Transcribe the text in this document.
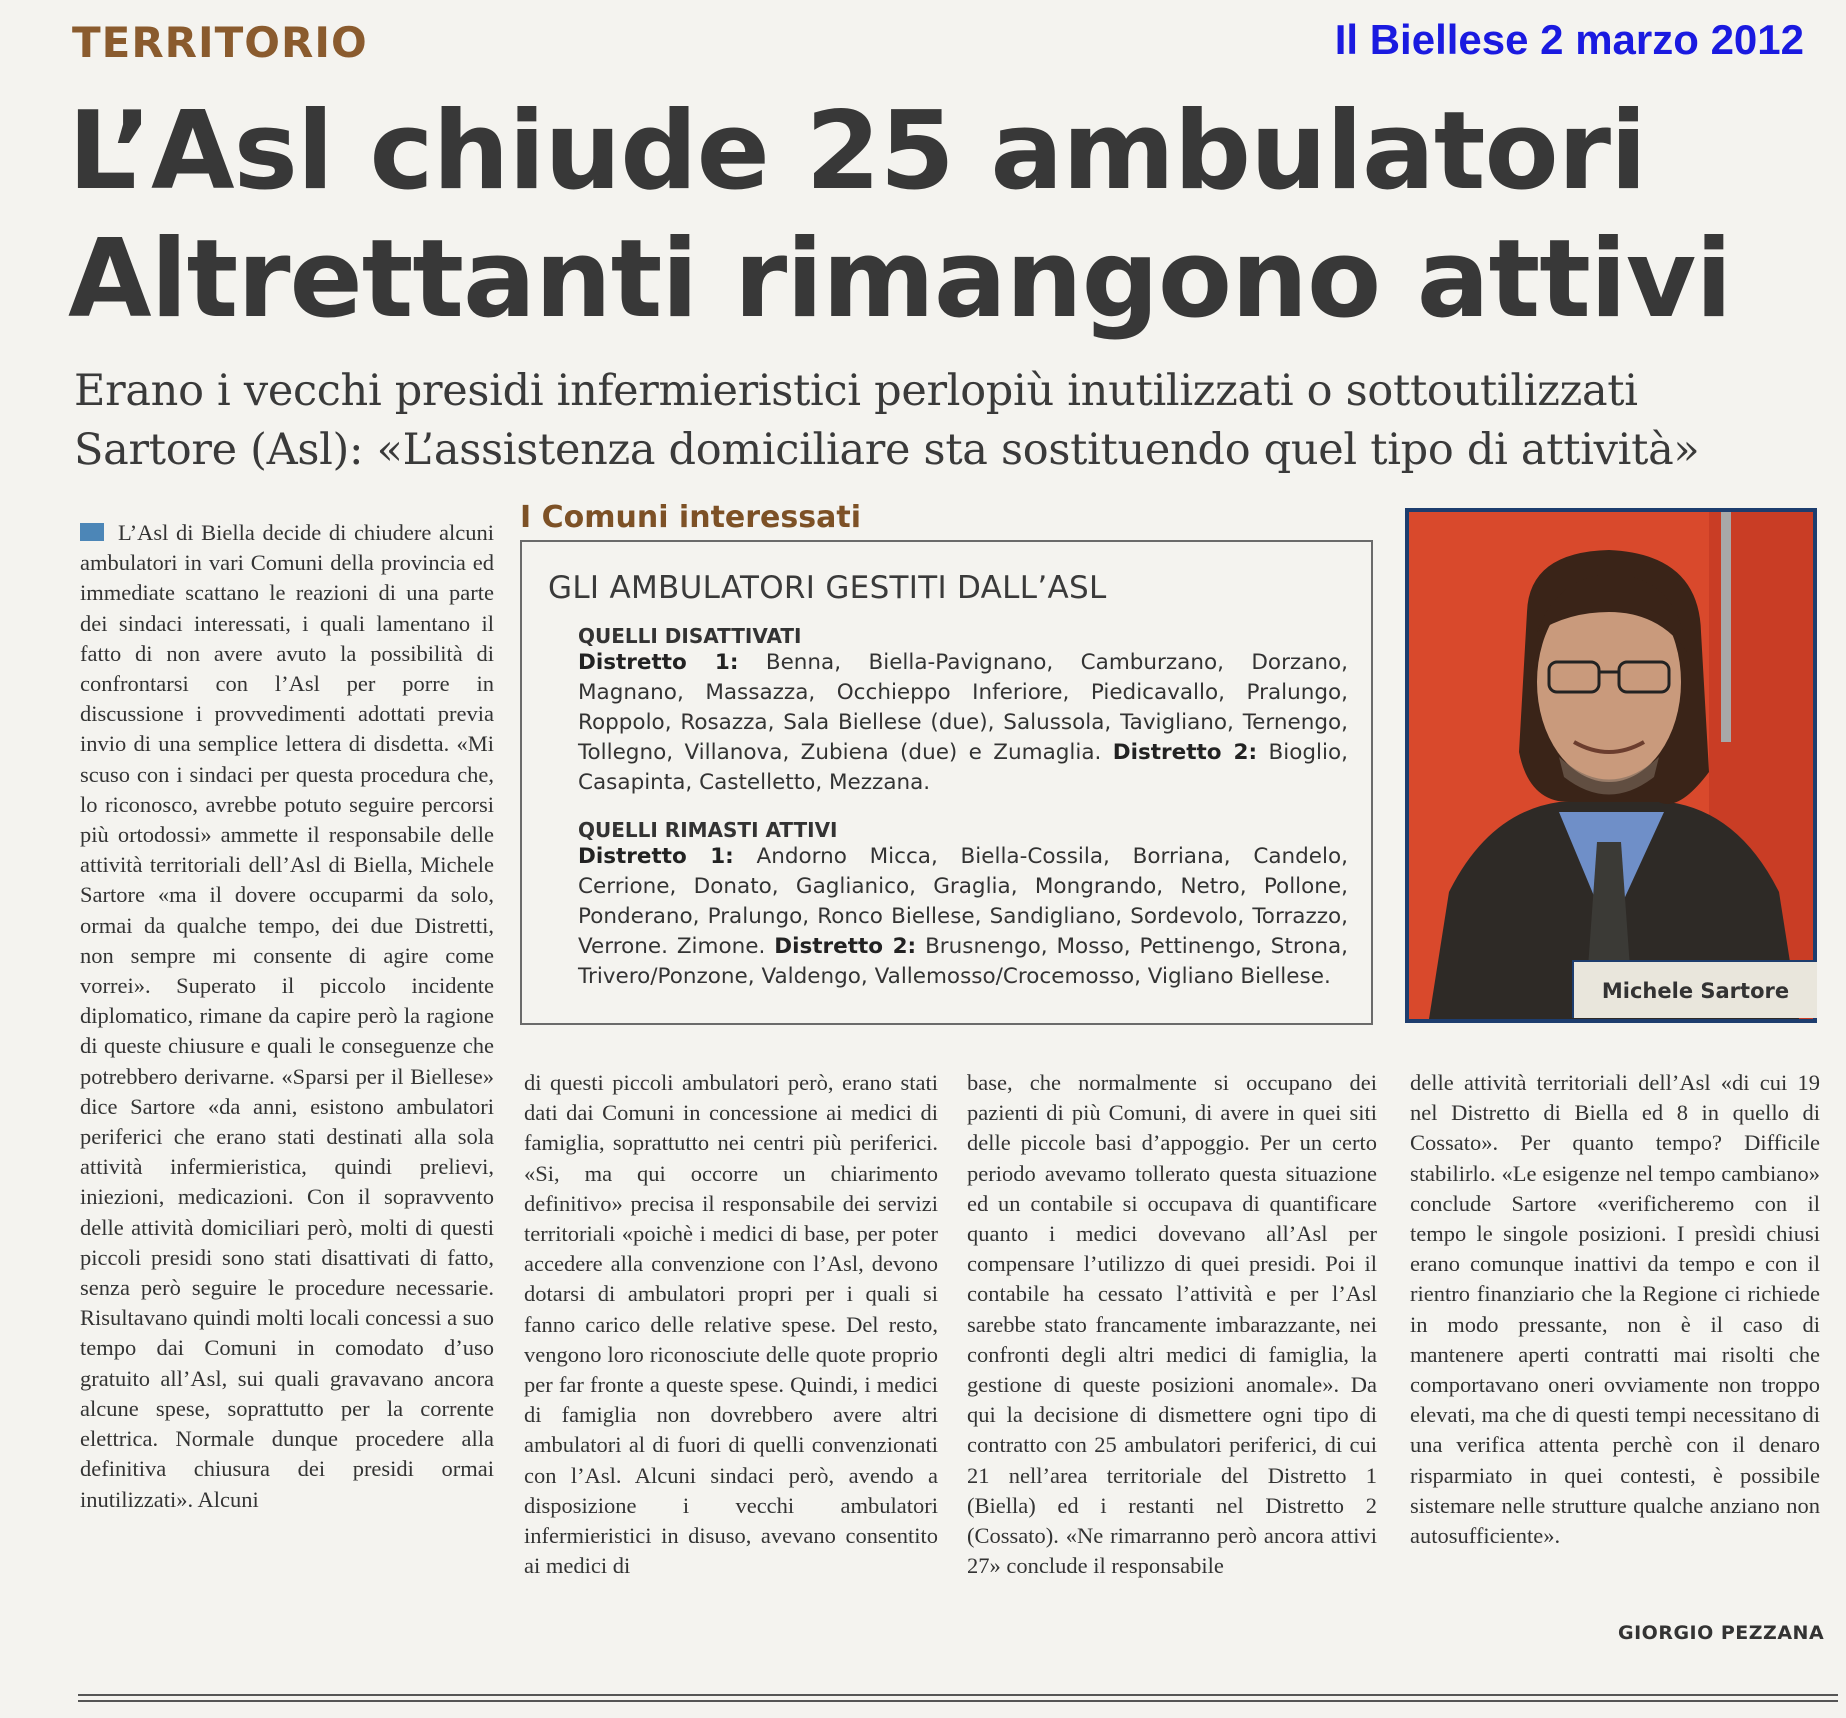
TERRITORIO	Il Biellese 2 marzo 2012
L’Asl chiude 25 ambulatori
Altrettanti rimangono attivi
Erano i vecchi presidi infermieristici perlopiù inutilizzati o sottoutilizzati
Sartore (Asl): «L’assistenza domiciliare sta sostituendo quel tipo di attività»
L’Asl di Biella decide di chiudere alcuni ambulatori in vari Comuni della provincia ed immediate scattano le reazioni di una parte dei sindaci interessati, i quali lamentano il fatto di non avere avuto la possibilità di confrontarsi con l’Asl per porre in discussione i provvedimenti adottati previa invio di una semplice lettera di disdetta. «Mi scuso con i sindaci per questa procedura che, lo riconosco, avrebbe potuto seguire percorsi più ortodossi» ammette il responsabile delle attività territoriali dell’Asl di Biella, Michele Sartore «ma il dovere occuparmi da solo, ormai da qualche tempo, dei due Distretti, non sempre mi consente di agire come vorrei». Superato il piccolo incidente diplomatico, rimane da capire però la ragione di queste chiusure e quali le conseguenze che potrebbero derivarne. «Sparsi per il Biellese» dice Sartore «da anni, esistono ambulatori periferici che erano stati destinati alla sola attività infermieristica, quindi prelievi, iniezioni, medicazioni. Con il sopravvento delle attività domiciliari però, molti di questi piccoli presidi sono stati disattivati di fatto, senza però seguire le procedure necessarie. Risultavano quindi molti locali concessi a suo tempo dai Comuni in comodato d’uso gratuito all’Asl, sui quali gravavano ancora alcune spese, soprattutto per la corrente elettrica. Normale dunque procedere alla definitiva chiusura dei presidi ormai inutilizzati». Alcuni
I Comuni interessati
GLI AMBULATORI GESTITI DALL’ASL
QUELLI DISATTIVATI
Distretto 1: Benna, Biella-Pavignano, Camburzano, Dorzano, Magnano, Massazza, Occhieppo Inferiore, Piedicavallo, Pralungo, Roppolo, Rosazza, Sala Biellese (due), Salussola, Tavigliano, Ternengo, Tollegno, Villanova, Zubiena (due) e Zumaglia. Distretto 2: Bioglio, Casapinta, Castelletto, Mezzana.
QUELLI RIMASTI ATTIVI
Distretto 1: Andorno Micca, Biella-Cossila, Borriana, Candelo, Cerrione, Donato, Gaglianico, Graglia, Mongrando, Netro, Pollone, Ponderano, Pralungo, Ronco Biellese, Sandigliano, Sordevolo, Torrazzo, Verrone. Zimone. Distretto 2: Brusnengo, Mosso, Pettinengo, Strona, Trivero/Ponzone, Valdengo, Vallemosso/Crocemosso, Vigliano Biellese.
Michele Sartore
di questi piccoli ambulatori però, erano stati dati dai Comuni in concessione ai medici di famiglia, soprattutto nei centri più periferici. «Si, ma qui occorre un chiarimento definitivo» precisa il responsabile dei servizi territoriali «poichè i medici di base, per poter accedere alla convenzione con l’Asl, devono dotarsi di ambulatori propri per i quali si fanno carico delle relative spese. Del resto, vengono loro riconosciute delle quote proprio per far fronte a queste spese. Quindi, i medici di famiglia non dovrebbero avere altri ambulatori al di fuori di quelli convenzionati con l’Asl. Alcuni sindaci però, avendo a disposizione i vecchi ambulatori infermieristici in disuso, avevano consentito ai medici di
base, che normalmente si occupano dei pazienti di più Comuni, di avere in quei siti delle piccole basi d’appoggio. Per un certo periodo avevamo tollerato questa situazione ed un contabile si occupava di quantificare quanto i medici dovevano all’Asl per compensare l’utilizzo di quei presidi. Poi il contabile ha cessato l’attività e per l’Asl sarebbe stato francamente imbarazzante, nei confronti degli altri medici di famiglia, la gestione di queste posizioni anomale». Da qui la decisione di dismettere ogni tipo di contratto con 25 ambulatori periferici, di cui 21 nell’area territoriale del Distretto 1 (Biella) ed i restanti nel Distretto 2 (Cossato). «Ne rimarranno però ancora attivi 27» conclude il responsabile
delle attività territoriali dell’Asl «di cui 19 nel Distretto di Biella ed 8 in quello di Cossato». Per quanto tempo? Difficile stabilirlo. «Le esigenze nel tempo cambiano» conclude Sartore «verificheremo con il tempo le singole posizioni. I presìdi chiusi erano comunque inattivi da tempo e con il rientro finanziario che la Regione ci richiede in modo pressante, non è il caso di mantenere aperti contratti mai risolti che comportavano oneri ovviamente non troppo elevati, ma che di questi tempi necessitano di una verifica attenta perchè con il denaro risparmiato in quei contesti, è possibile sistemare nelle strutture qualche anziano non autosufficiente».
GIORGIO PEZZANA
